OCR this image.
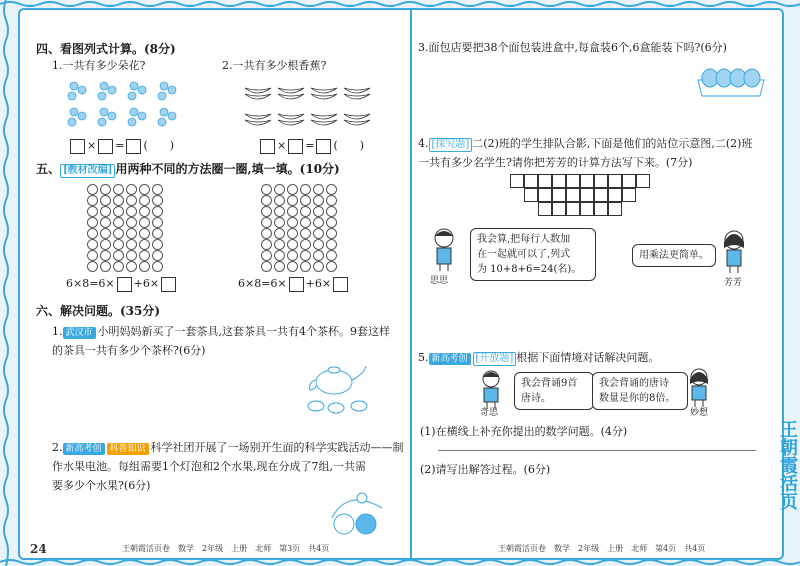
四、看图列式计算。(8分)
1.一共有多少朵花?	2.一共有多少根香蕉?
× = (　　)	× = (　　)
五、 [教材改编] 用两种不同的方法圈一圈,填一填。(10分)
6×8=6× +6×	6×8=6× +6×
六、解决问题。(35分)
1. 武汉市 小明妈妈新买了一套茶具,这套茶具一共有4个茶杯。9套这样
的茶具一共有多少个茶杯?(6分)
2. 新高考创 科普知识 科学社团开展了一场别开生面的科学实践活动——制
作水果电池。每组需要1个灯泡和2个水果,现在分成了7组,一共需
要多少个水果?(6分)
3.面包店要把38个面包装进盒中,每盒装6个,6盒能装下吗?(6分)
4. [探究题] 二(2)班的学生排队合影,下面是他们的站位示意图,二(2)班
一共有多少名学生?请你把芳芳的计算方法写下来。(7分)
思思
我会算,把每行人数加
在一起就可以了,列式
为 10+8+6=24(名)。
用乘法更简单。
芳芳
5. 新高考创 [开放题] 根据下面情境对话解决问题。
奇思
我会背诵9首
唐诗。
我会背诵的唐诗
数量是你的8倍。
妙想
(1)在横线上补充你提出的数学问题。(4分)
(2)请写出解答过程。(6分)
24	王朝霞活页卷　数学　2年级　上册　北师　第3页　共4页	王朝霞活页卷　数学　2年级　上册　北师　第4页　共4页
王朝霞活页
